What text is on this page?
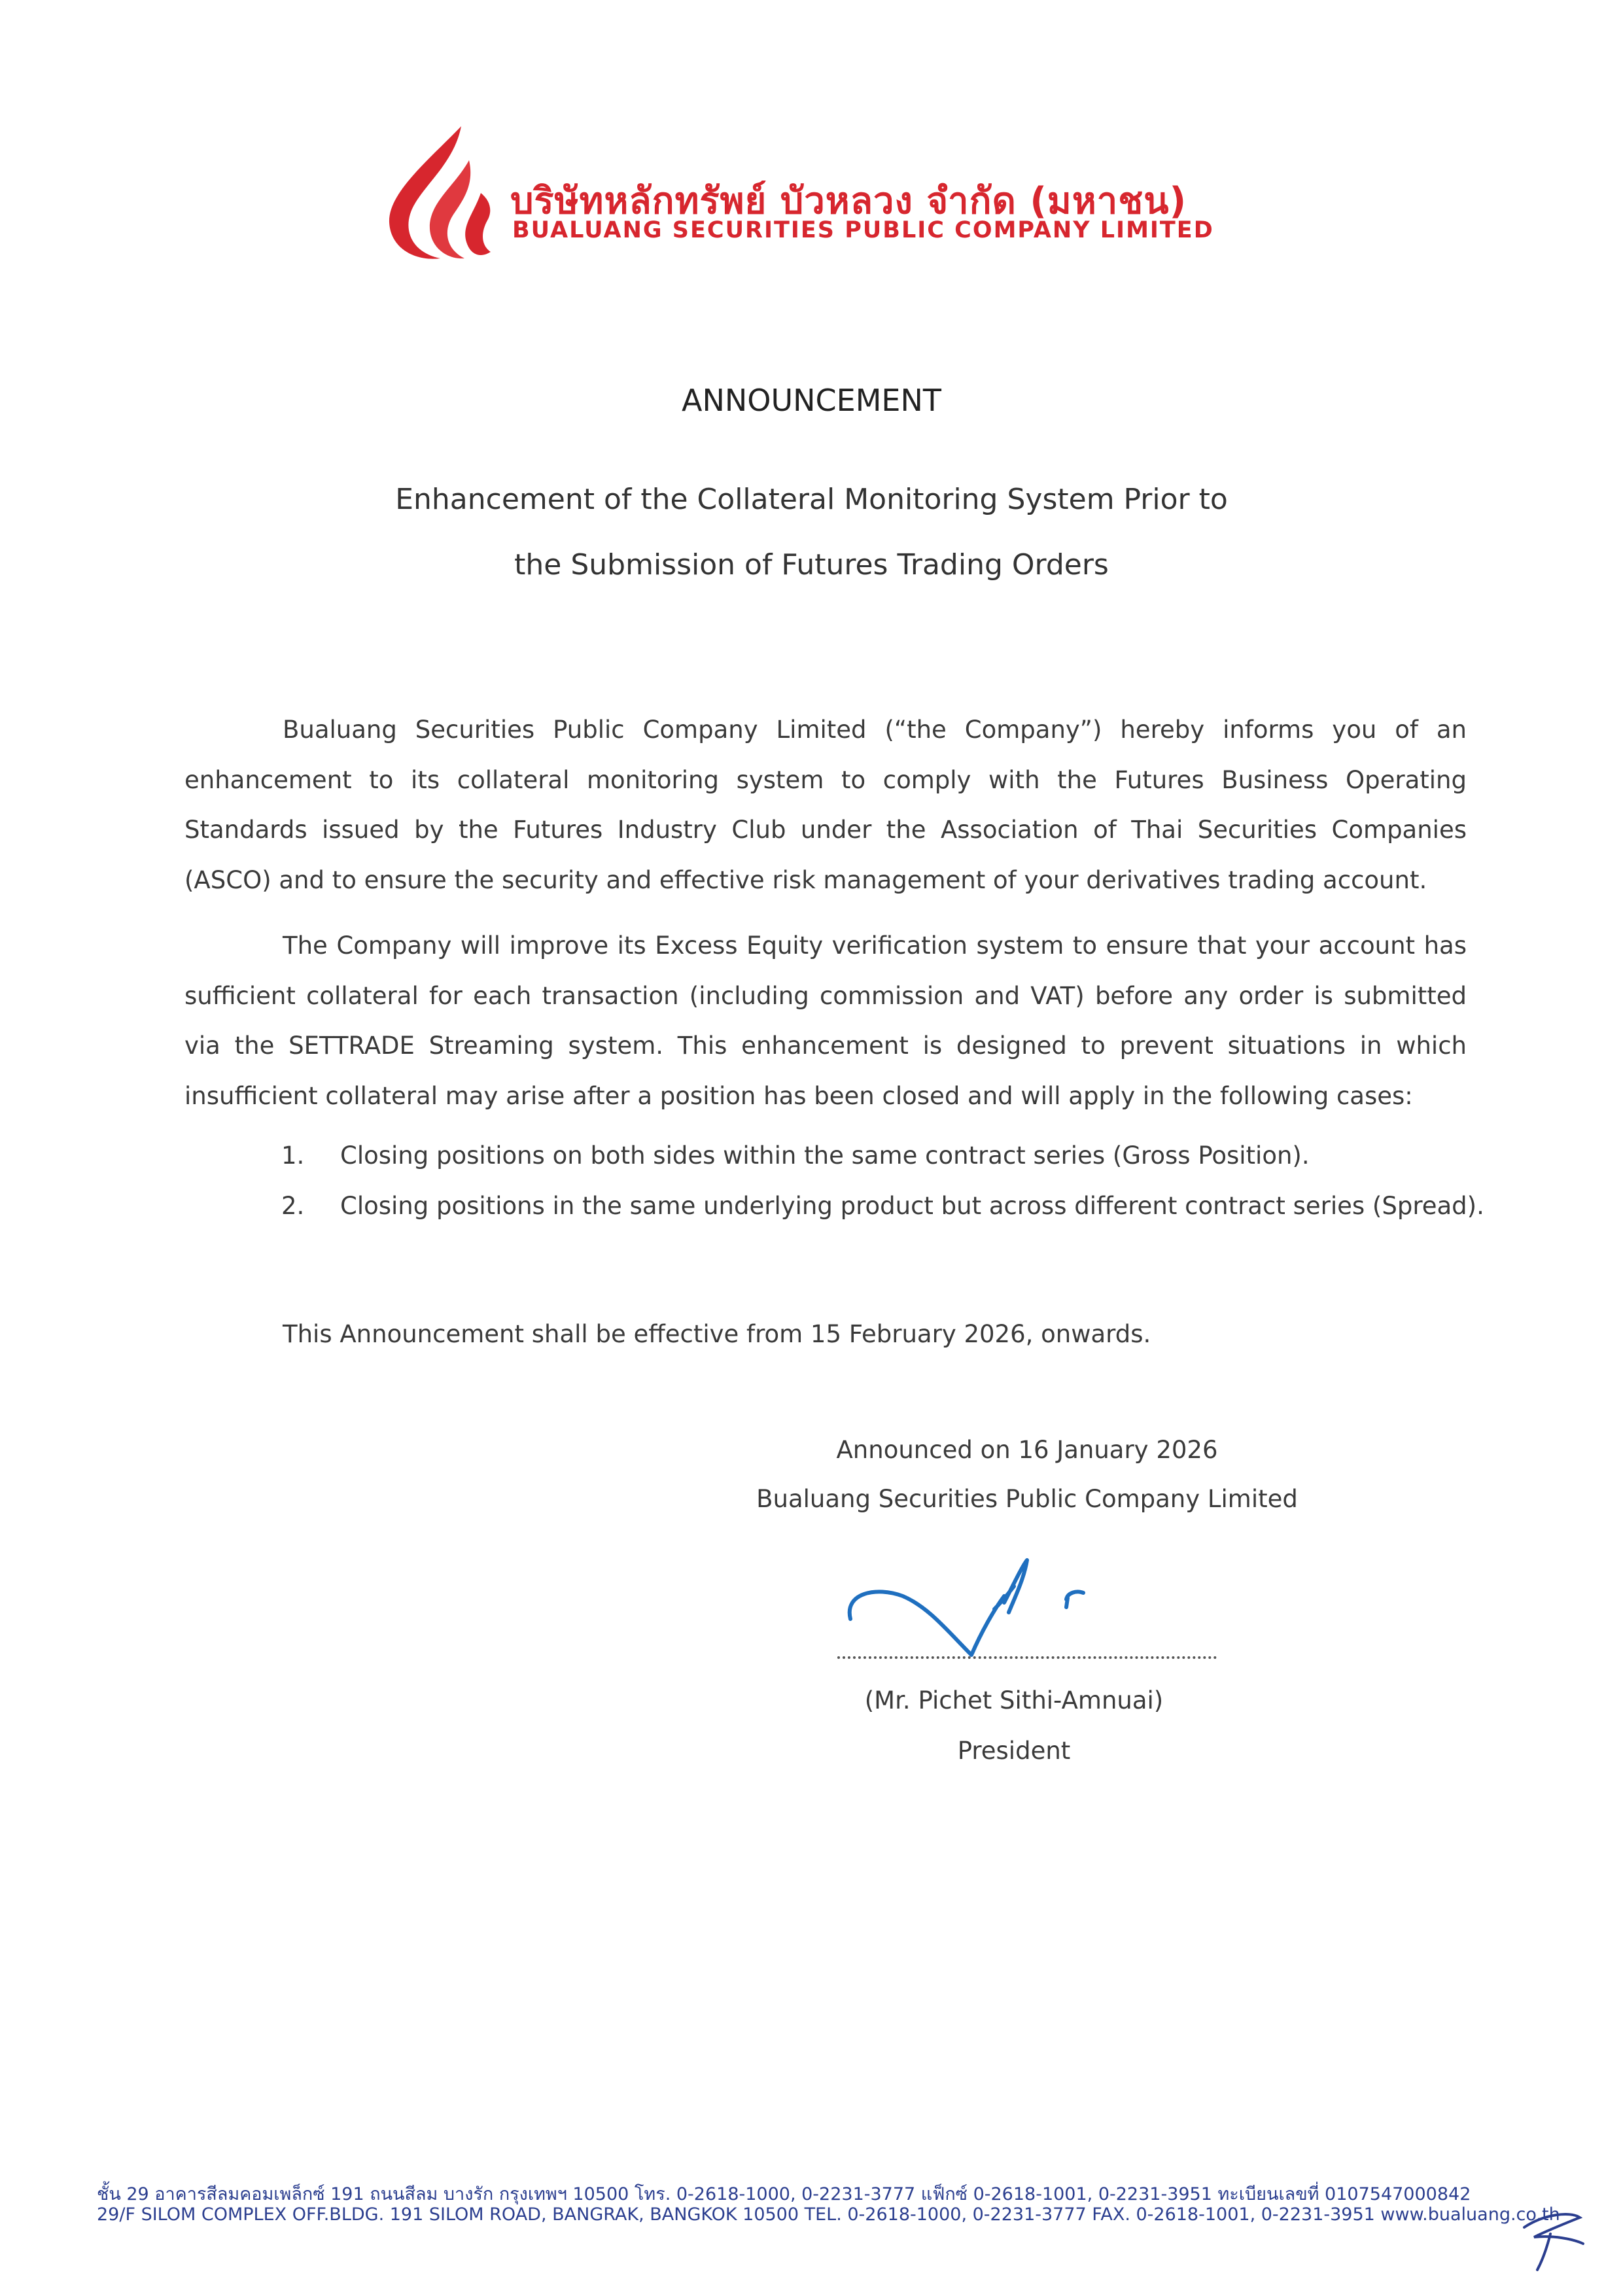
บริษัทหลักทรัพย์ บัวหลวง จำกัด (มหาชน)
BUALUANG SECURITIES PUBLIC COMPANY LIMITED
ANNOUNCEMENT
Enhancement of the Collateral Monitoring System Prior to
the Submission of Futures Trading Orders

Bualuang Securities Public Company Limited (“the Company”) hereby informs you of an enhancement to its collateral monitoring system to comply with the Futures Business Operating Standards issued by the Futures Industry Club under the Association of Thai Securities Companies (ASCO) and to ensure the security and effective risk management of your derivatives trading account.

The Company will improve its Excess Equity verification system to ensure that your account has sufficient collateral for each transaction (including commission and VAT) before any order is submitted via the SETTRADE Streaming system. This enhancement is designed to prevent situations in which insufficient collateral may arise after a position has been closed and will apply in the following cases:

1. Closing positions on both sides within the same contract series (Gross Position).
2. Closing positions in the same underlying product but across different contract series (Spread).
This Announcement shall be effective from 15 February 2026, onwards.
Announced on 16 January 2026
Bualuang Securities Public Company Limited
(Mr. Pichet Sithi-Amnuai)
President
ชั้น 29 อาคารสีลมคอมเพล็กซ์ 191 ถนนสีลม บางรัก กรุงเทพฯ 10500 โทร. 0-2618-1000, 0-2231-3777 แฟ็กซ์ 0-2618-1001, 0-2231-3951 ทะเบียนเลขที่ 0107547000842
29/F SILOM COMPLEX OFF.BLDG. 191 SILOM ROAD, BANGRAK, BANGKOK 10500 TEL. 0-2618-1000, 0-2231-3777 FAX. 0-2618-1001, 0-2231-3951 www.bualuang.co.th
